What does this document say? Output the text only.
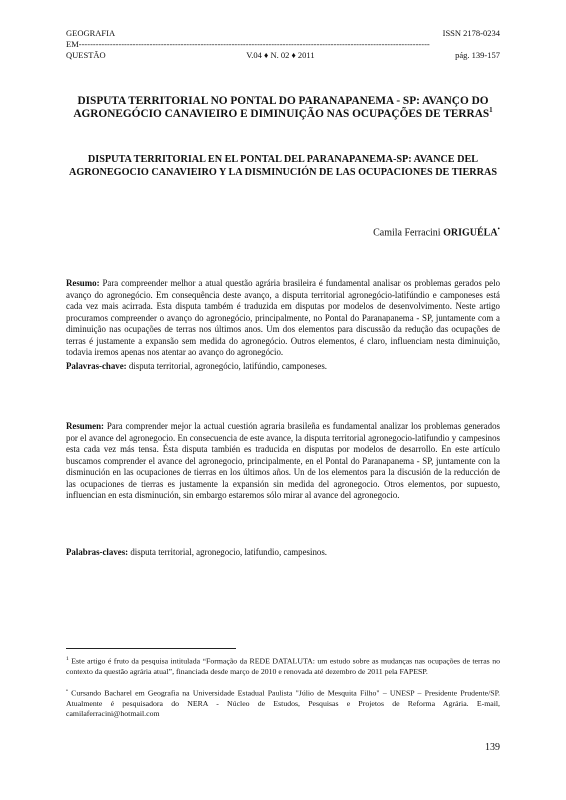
GEOGRAFIA	ISSN 2178-0234
EM----------------------------------------------------------------------------------------------------------------------------
QUESTÃO	V.04 ♦ N. 02 ♦ 2011	pág. 139-157
DISPUTA TERRITORIAL NO PONTAL DO PARANAPANEMA - SP: AVANÇO DO AGRONEGÓCIO CANAVIEIRO E DIMINUIÇÃO NAS OCUPAÇÕES DE TERRAS$^1$
DISPUTA TERRITORIAL EN EL PONTAL DEL PARANAPANEMA-SP: AVANCE DEL AGRONEGOCIO CANAVIEIRO Y LA DISMINUCIÓN DE LAS OCUPACIONES DE TIERRAS
Camila Ferracini ORIGUÉLA•

Resumo: Para compreender melhor a atual questão agrária brasileira é fundamental analisar os problemas gerados pelo avanço do agronegócio. Em consequência deste avanço, a disputa territorial agronegócio-latifúndio e camponeses está cada vez mais acirrada. Esta disputa também é traduzida em disputas por modelos de desenvolvimento. Neste artigo procuramos compreender o avanço do agronegócio, principalmente, no Pontal do Paranapanema - SP, juntamente com a diminuição nas ocupações de terras nos últimos anos. Um dos elementos para discussão da redução das ocupações de terras é justamente a expansão sem medida do agronegócio. Outros elementos, é claro, influenciam nesta diminuição, todavia iremos apenas nos atentar ao avanço do agronegócio.

Palavras-chave: disputa territorial, agronegócio, latifúndio, camponeses.

Resumen: Para comprender mejor la actual cuestión agraria brasileña es fundamental analizar los problemas generados por el avance del agronegocio. En consecuencia de este avance, la disputa territorial agronegocio-latifundio y campesinos esta cada vez más tensa. Ésta disputa también es traducida en disputas por modelos de desarrollo. En este artículo buscamos comprender el avance del agronegocio, principalmente, en el Pontal do Paranapanema - SP, juntamente con la disminución en las ocupaciones de tierras en los últimos años. Un de los elementos para la discusión de la reducción de las ocupaciones de tierras es justamente la expansión sin medida del agronegocio. Otros elementos, por supuesto, influencian en esta disminución, sin embargo estaremos sólo mirar al avance del agronegocio.

Palabras-claves: disputa territorial, agronegocio, latifundio, campesinos.

$^1$ Este artigo é fruto da pesquisa intitulada “Formação da REDE DATALUTA: um estudo sobre as mudanças nas ocupações de terras no contexto da questão agrária atual”, financiada desde março de 2010 e renovada até dezembro de 2011 pela FAPESP.

• Cursando Bacharel em Geografia na Universidade Estadual Paulista "Júlio de Mesquita Filho" – UNESP – Presidente Prudente/SP. Atualmente é pesquisadora do NERA - Núcleo de Estudos, Pesquisas e Projetos de Reforma Agrária. E-mail, camilaferracini@hotmail.com

139
